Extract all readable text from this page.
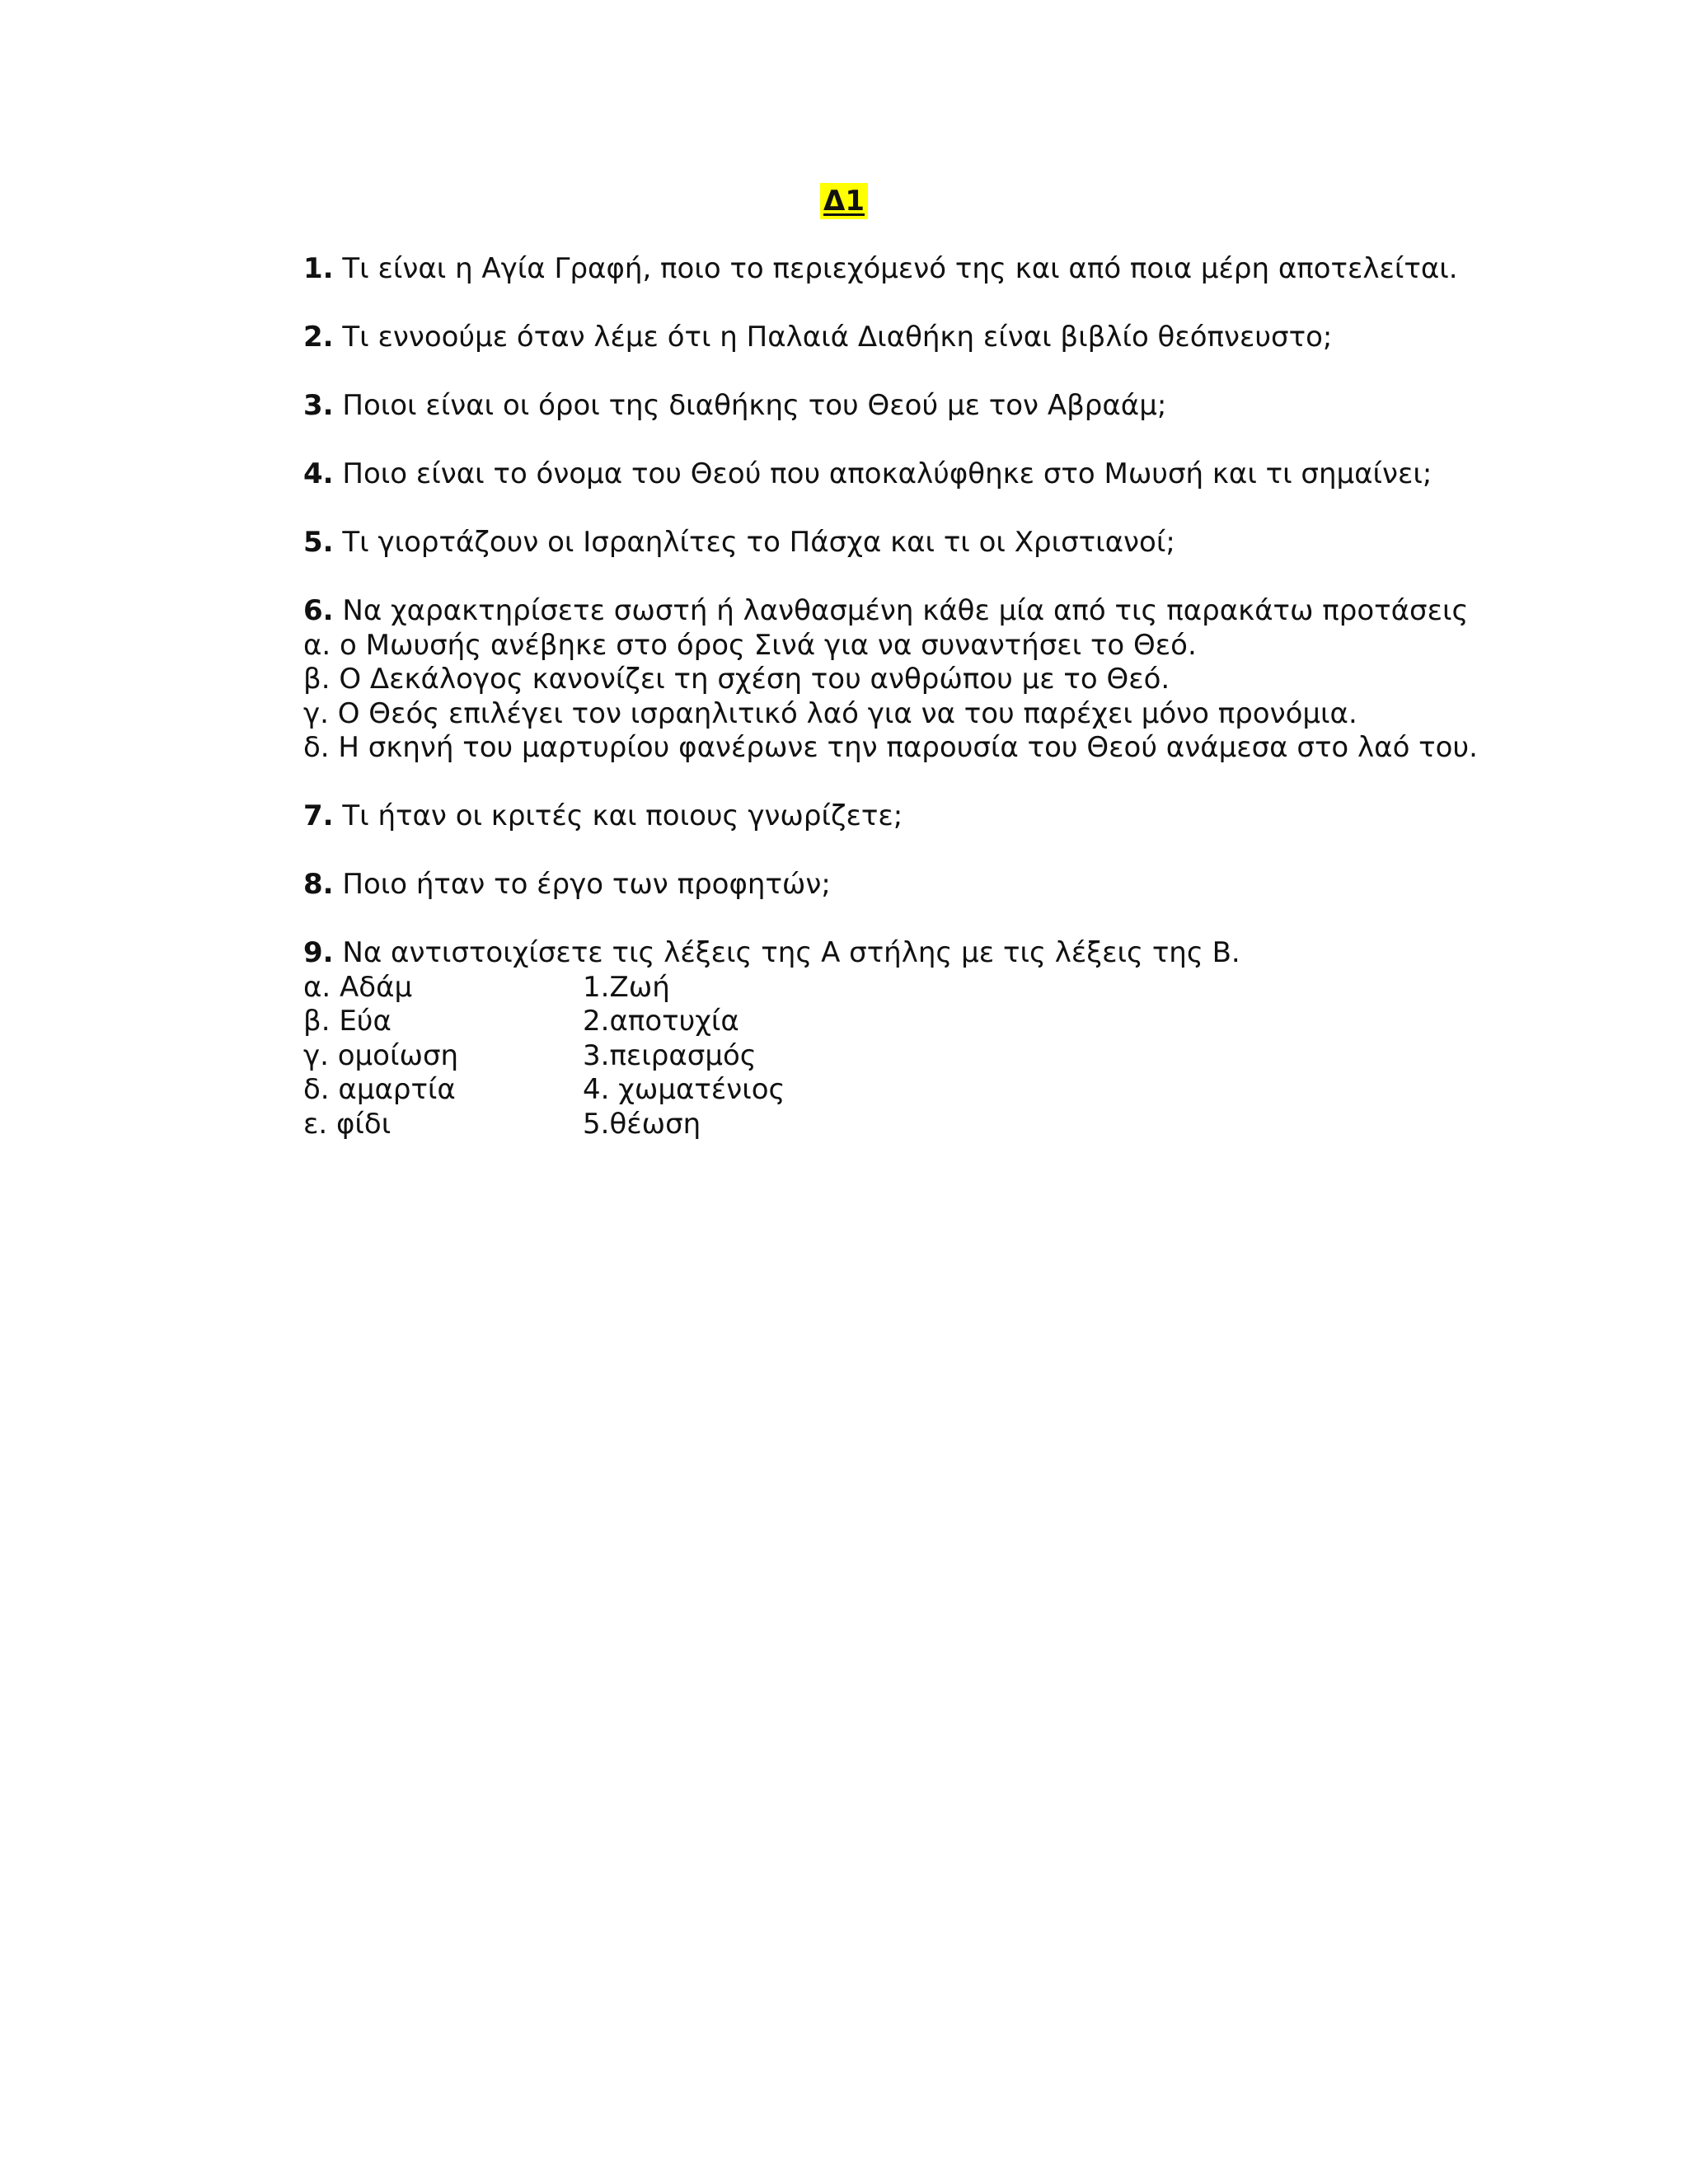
Δ1
1. Τι είναι η Αγία Γραφή, ποιο το περιεχόμενό της και από ποια μέρη αποτελείται.
2. Τι εννοούμε όταν λέμε ότι η Παλαιά Διαθήκη είναι βιβλίο θεόπνευστο;
3. Ποιοι είναι οι όροι της διαθήκης του Θεού με τον Αβραάμ;
4. Ποιο είναι το όνομα του Θεού που αποκαλύφθηκε στο Μωυσή και τι σημαίνει;
5. Τι γιορτάζουν οι Ισραηλίτες το Πάσχα και τι οι Χριστιανοί;
6. Να χαρακτηρίσετε σωστή ή λανθασμένη κάθε μία από τις παρακάτω προτάσεις
α. ο Μωυσής ανέβηκε στο όρος Σινά για να συναντήσει το Θεό.
β. Ο Δεκάλογος κανονίζει τη σχέση του ανθρώπου με το Θεό.
γ. Ο Θεός επιλέγει τον ισραηλιτικό λαό για να του παρέχει μόνο προνόμια.
δ. Η σκηνή του μαρτυρίου φανέρωνε την παρουσία του Θεού ανάμεσα στο λαό του.
7. Τι ήταν οι κριτές και ποιους γνωρίζετε;
8. Ποιο ήταν το έργο των προφητών;
9. Να αντιστοιχίσετε τις λέξεις της Α στήλης με τις λέξεις της Β.
α. Αδάμ	1.Ζωή
β. Εύα	2.αποτυχία
γ. ομοίωση	3.πειρασμός
δ. αμαρτία	4. χωματένιος
ε. φίδι	5.θέωση
